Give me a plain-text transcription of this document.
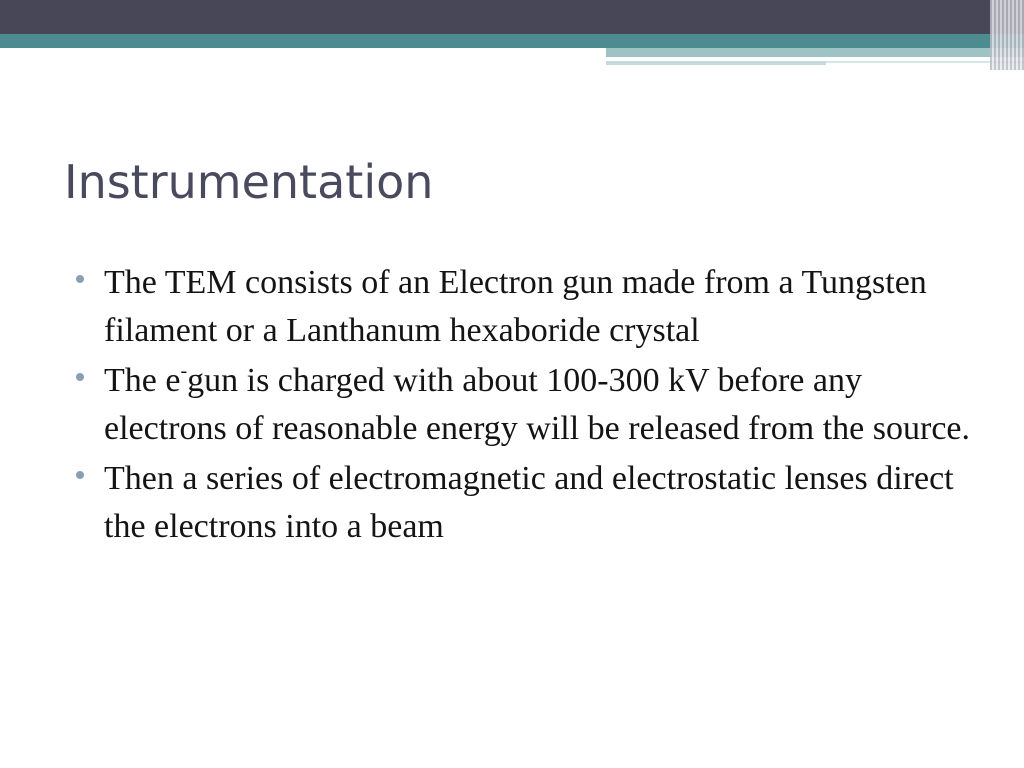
Instrumentation
The TEM consists of an Electron gun made from a Tungsten filament or a Lanthanum hexaboride crystal
The e-gun is charged with about 100-300 kV before any electrons of reasonable energy will be released from the source.
Then a series of electromagnetic and electrostatic lenses direct the electrons into a beam
